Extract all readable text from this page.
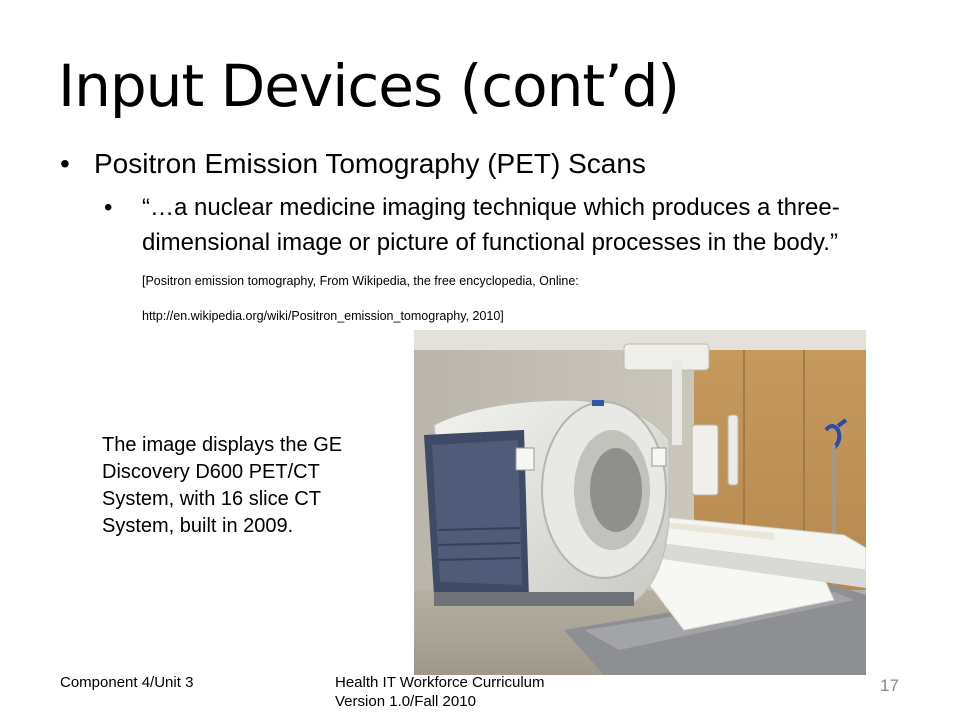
Input Devices (cont’d)
• Positron Emission Tomography (PET) Scans
• “…a nuclear medicine imaging technique which produces a three-dimensional image or picture of functional processes in the body.” [Positron emission tomography, From Wikipedia, the free encyclopedia, Online: http://en.wikipedia.org/wiki/Positron_emission_tomography, 2010]
The image displays the GE Discovery D600 PET/CT System, with 16 slice CT System, built in 2009.
Component 4/Unit 3	Health IT Workforce Curriculum
Version 1.0/Fall 2010
17
